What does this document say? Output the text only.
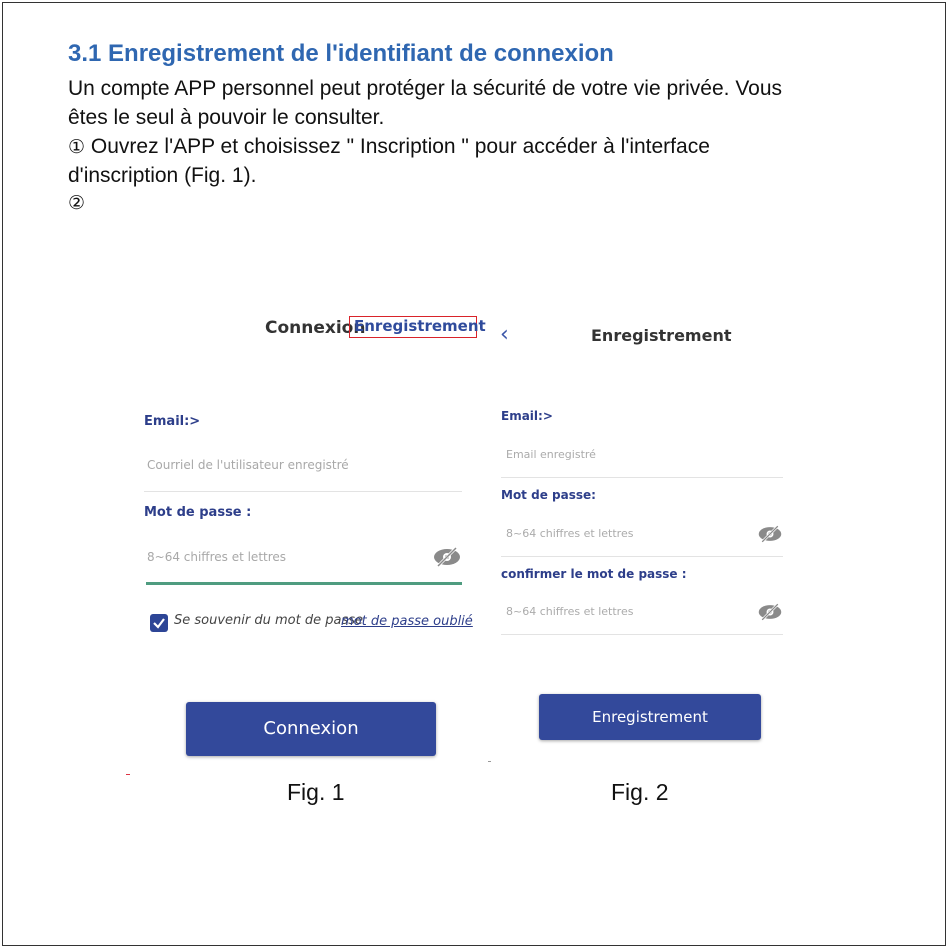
3.1 Enregistrement de l'identifiant de connexion
Un compte APP personnel peut protéger la sécurité de votre vie privée. Vous
êtes le seul à pouvoir le consulter.
① Ouvrez l'APP et choisissez " Inscription " pour accéder à l'interface
d'inscription (Fig. 1).
②
Connexion
Enregistrement
Email:>
Courriel de l'utilisateur enregistré
Mot de passe :
8~64 chiffres et lettres
Se souvenir du mot de passe
mot de passe oublié
Connexion
‹	Enregistrement
Email:>
Email enregistré
Mot de passe:
8~64 chiffres et lettres
confirmer le mot de passe :
8~64 chiffres et lettres
Enregistrement
Fig. 1	Fig. 2
